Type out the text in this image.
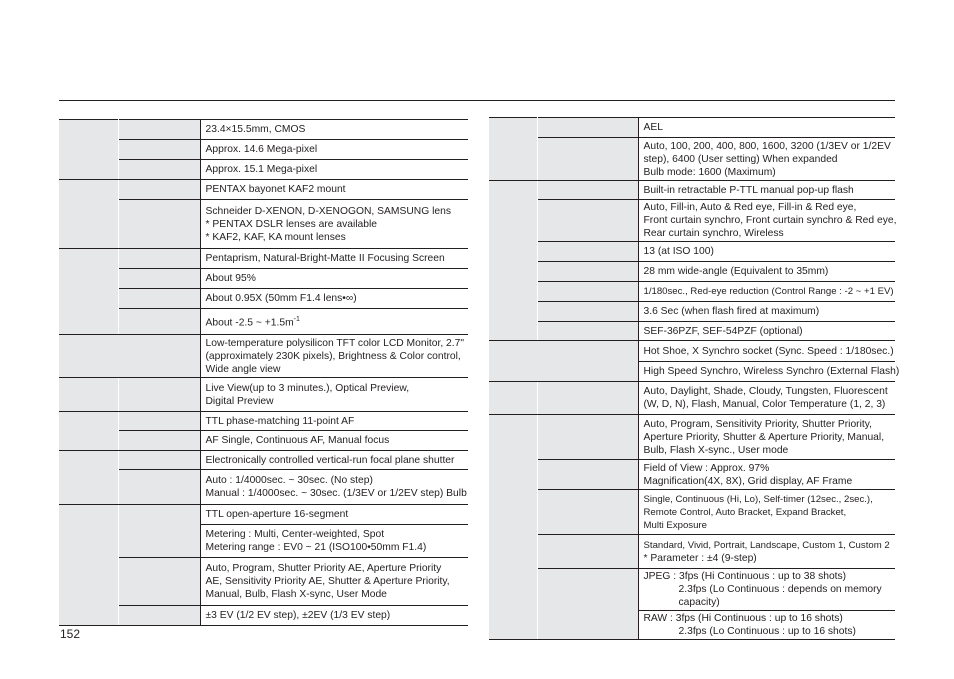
		23.4×15.5mm, CMOS

		Approx. 14.6 Mega-pixel

		Approx. 15.1 Mega-pixel

		PENTAX bayonet KAF2 mount

		Schneider D-XENON, D-XENOGON, SAMSUNG lens
* PENTAX DSLR lenses are available
* KAF2, KAF, KA mount lenses

		Pentaprism, Natural-Bright-Matte II Focusing Screen

		About 95%

		About 0.95X (50mm F1.4 lens•∞)

		About -2.5 ~ $+1.5m^{-1}$

		Low-temperature polysilicon TFT color LCD Monitor, 2.7"
(approximately 230K pixels), Brightness & Color control,
Wide angle view

		Live View(up to 3 minutes.), Optical Preview,
Digital Preview

		TTL phase-matching 11-point AF

		AF Single, Continuous AF, Manual focus

		Electronically controlled vertical-run focal plane shutter

		Auto : 1/4000sec. ~ 30sec. (No step)
Manual : 1/4000sec. ~ 30sec. (1/3EV or 1/2EV step) Bulb

		TTL open-aperture 16-segment

		Metering : Multi, Center-weighted, Spot
Metering range : EV0 ~ 21 (ISO100•50mm F1.4)

		Auto, Program, Shutter Priority AE, Aperture Priority
AE, Sensitivity Priority AE, Shutter & Aperture Priority,
Manual, Bulb, Flash X-sync, User Mode

		±3 EV (1/2 EV step), ±2EV (1/3 EV step)

		AEL

		Auto, 100, 200, 400, 800, 1600, 3200 (1/3EV or 1/2EV
step), 6400 (User setting) When expanded
Bulb mode: 1600 (Maximum)

		Built-in retractable P-TTL manual pop-up flash

		Auto, Fill-in, Auto & Red eye, Fill-in & Red eye,
Front curtain synchro, Front curtain synchro & Red eye,
Rear curtain synchro, Wireless

		13 (at ISO 100)

		28 mm wide-angle (Equivalent to 35mm)

		1/180sec., Red-eye reduction (Control Range : -2 ~ +1 EV)

		3.6 Sec (when flash fired at maximum)

		SEF-36PZF, SEF-54PZF (optional)

		Hot Shoe, X Synchro socket (Sync. Speed : 1/180sec.)

		High Speed Synchro, Wireless Synchro (External Flash)

		Auto, Daylight, Shade, Cloudy, Tungsten, Fluorescent
(W, D, N), Flash, Manual, Color Temperature (1, 2, 3)

		Auto, Program, Sensitivity Priority, Shutter Priority,
Aperture Priority, Shutter & Aperture Priority, Manual,
Bulb, Flash X-sync., User mode

		Field of View : Approx. 97%
Magnification(4X, 8X), Grid display, AF Frame

		Single, Continuous (Hi, Lo), Self-timer (12sec., 2sec.),
Remote Control, Auto Bracket, Expand Bracket,
Multi Exposure

		Standard, Vivid, Portrait, Landscape, Custom 1, Custom 2
* Parameter : ±4 (9-step)

		JPEG : 3fps (Hi Continuous : up to 38 shots)
2.3fps (Lo Continuous : depends on memory
capacity)

		RAW : 3fps (Hi Continuous : up to 16 shots)
2.3fps (Lo Continuous : up to 16 shots)
152
